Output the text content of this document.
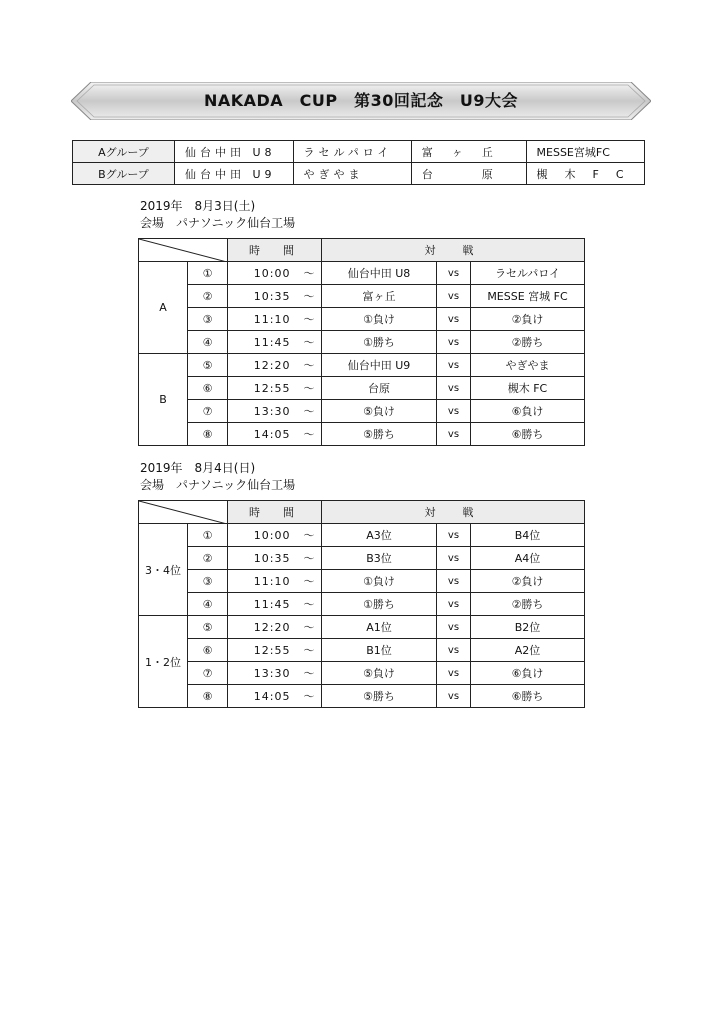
NAKADA　CUP　第30回記念　U9大会
Aグループ	仙台中田 U8	ラセルパロイ	富　ヶ　丘	MESSE宮城FC
Bグループ	仙台中田 U9	やぎやま	台　　　原	槻　木　F　C
2019年　8月3日(土)
会場　パナソニック仙台工場
	時　間	対　戦		
A	①	10:00 〜	仙台中田 U8	vs	ラセルパロイ
	②	10:35 〜	富ヶ丘	vs	MESSE 宮城 FC
	③	11:10 〜	①負け	vs	②負け
	④	11:45 〜	①勝ち	vs	②勝ち
B	⑤	12:20 〜	仙台中田 U9	vs	やぎやま
	⑥	12:55 〜	台原	vs	槻木 FC
	⑦	13:30 〜	⑤負け	vs	⑥負け
	⑧	14:05 〜	⑤勝ち	vs	⑥勝ち
2019年　8月4日(日)
会場　パナソニック仙台工場
	時　間	対　戦		
3・4位	①	10:00 〜	A3位	vs	B4位
	②	10:35 〜	B3位	vs	A4位
	③	11:10 〜	①負け	vs	②負け
	④	11:45 〜	①勝ち	vs	②勝ち
1・2位	⑤	12:20 〜	A1位	vs	B2位
	⑥	12:55 〜	B1位	vs	A2位
	⑦	13:30 〜	⑤負け	vs	⑥負け
	⑧	14:05 〜	⑤勝ち	vs	⑥勝ち
